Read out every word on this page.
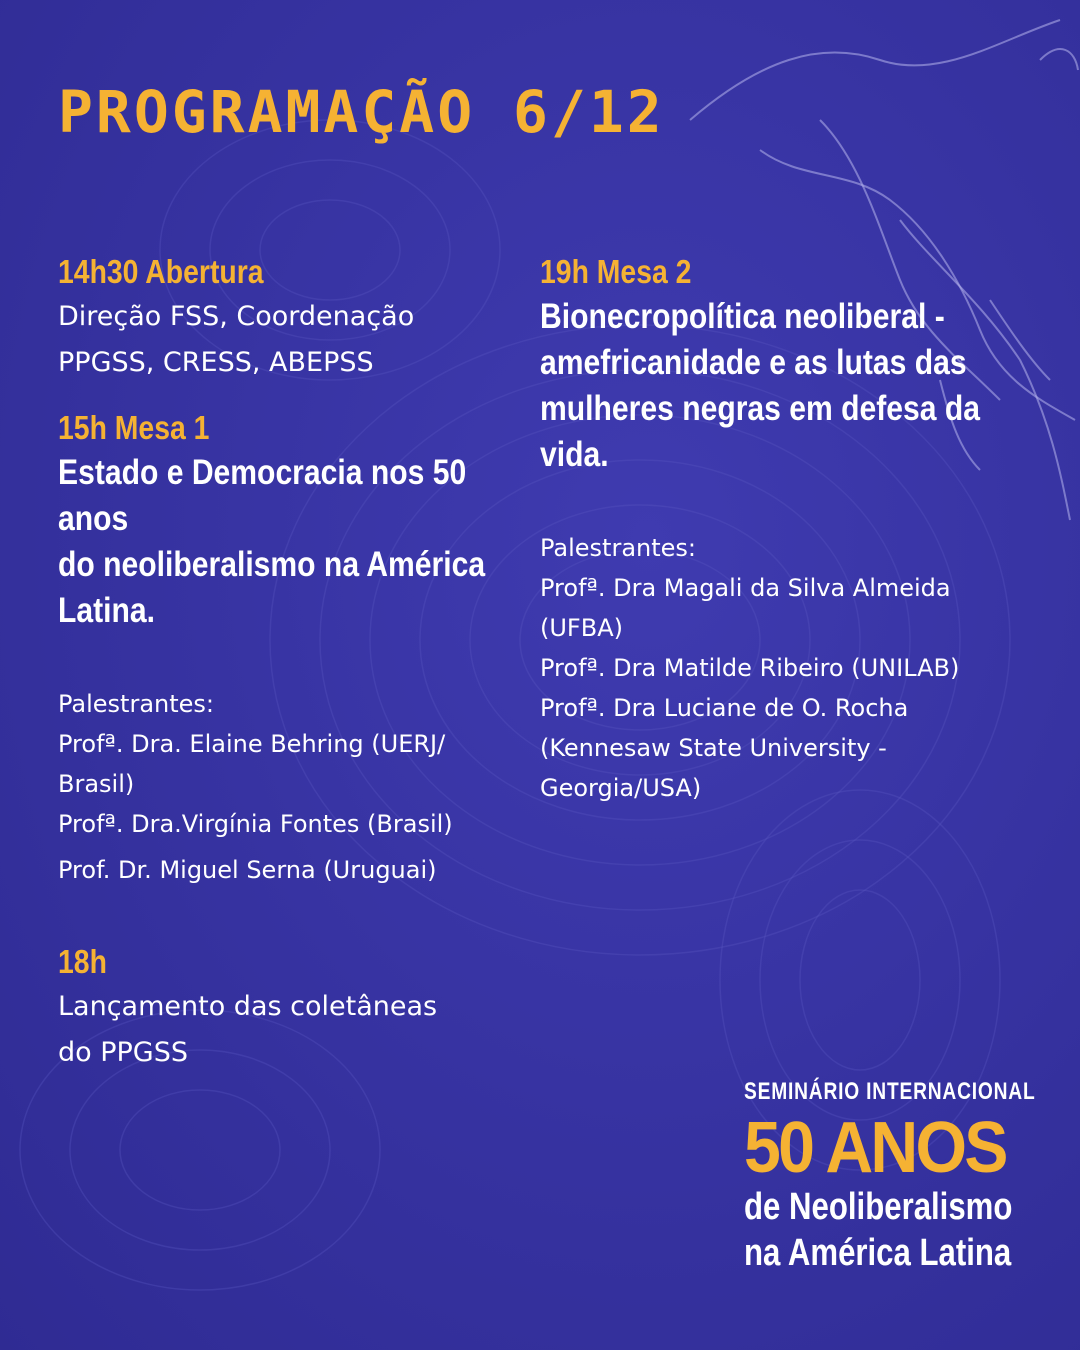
PROGRAMAÇÃO 6/12
14h30 Abertura
Direção FSS, Coordenação
PPGSS, CRESS, ABEPSS
15h Mesa 1
Estado e Democracia nos 50 anos
do neoliberalismo na América
Latina.
Palestrantes:
Profª. Dra. Elaine Behring (UERJ/
Brasil)
Profª. Dra.Virgínia Fontes (Brasil)
Prof. Dr. Miguel Serna (Uruguai)
18h
Lançamento das coletâneas
do PPGSS
19h Mesa 2
Bionecropolítica neoliberal -
amefricanidade e as lutas das
mulheres negras em defesa da vida.
Palestrantes:
Profª. Dra Magali da Silva Almeida
(UFBA)
Profª. Dra Matilde Ribeiro (UNILAB)
Profª. Dra Luciane de O. Rocha
(Kennesaw State University -
Georgia/USA)
SEMINÁRIO INTERNACIONAL
50 ANOS
de Neoliberalismo
na América Latina
